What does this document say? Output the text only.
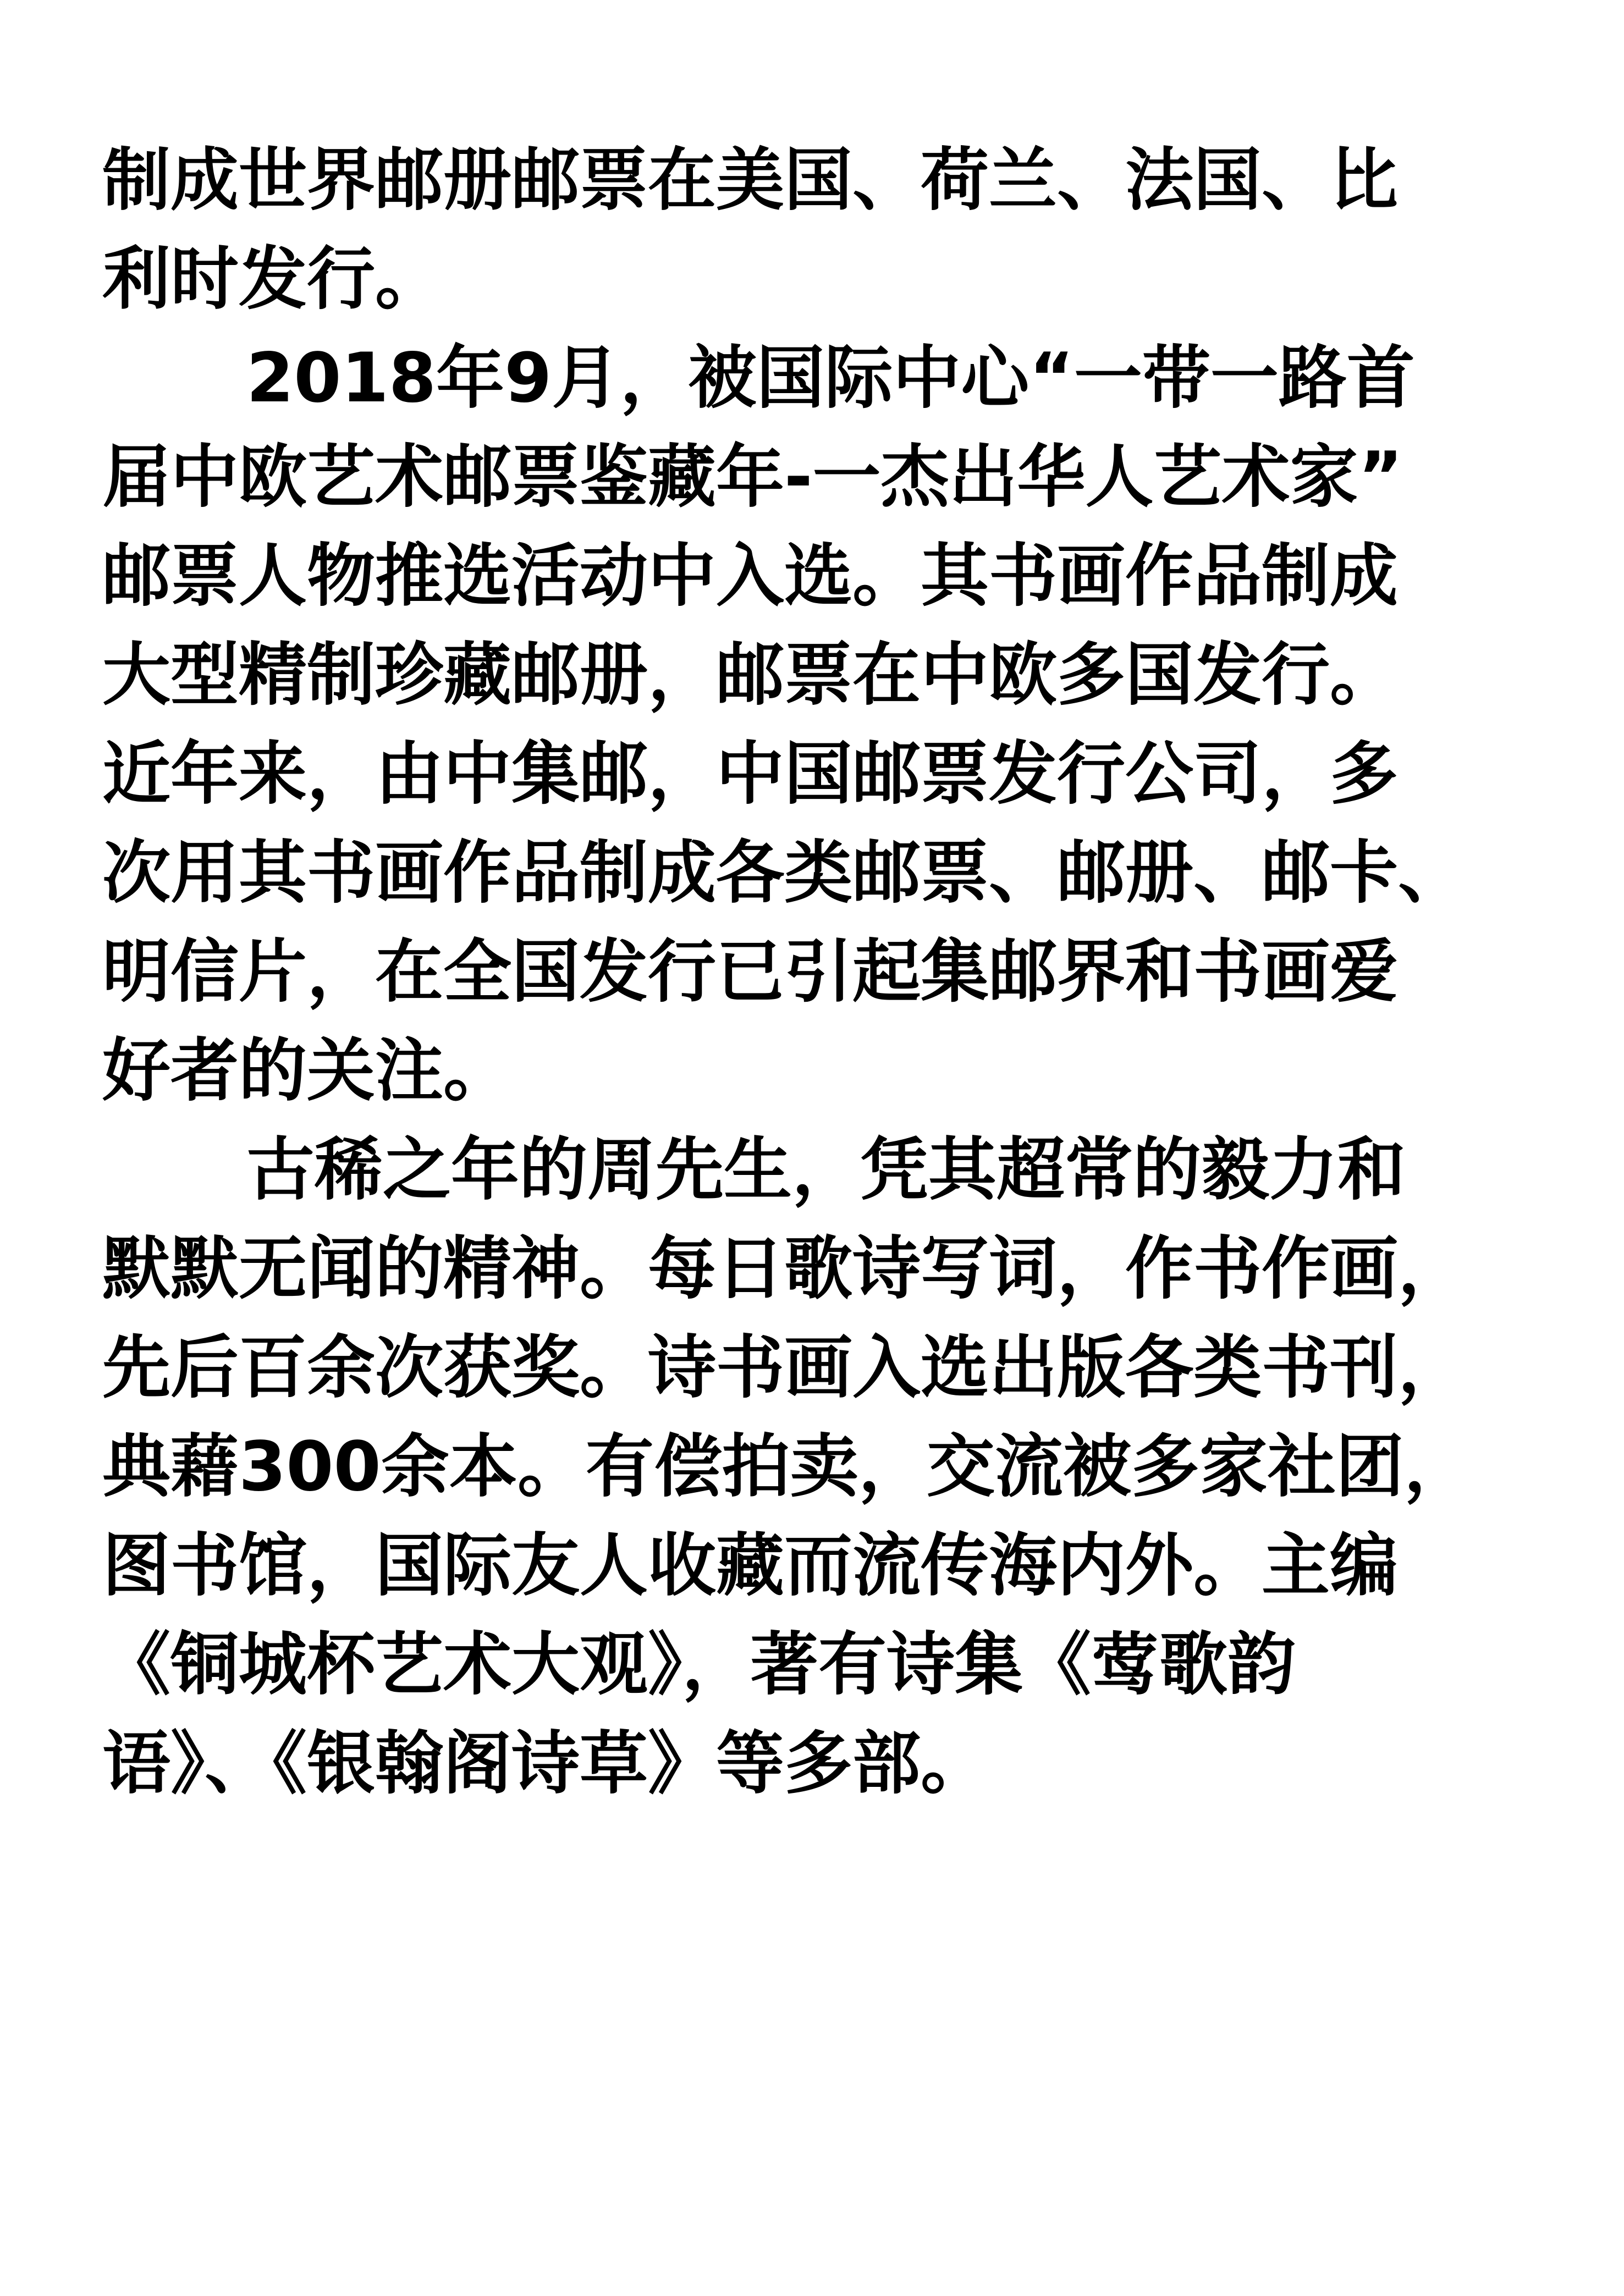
制成世界邮册邮票在美国、荷兰、法国、比
利时发行。
2018年9月，被国际中心“一带一路首
届中欧艺术邮票鉴藏年-一杰出华人艺术家”
邮票人物推选活动中入选。其书画作品制成
大型精制珍藏邮册，邮票在中欧多国发行。
近年来，由中集邮，中国邮票发行公司，多
次用其书画作品制成各类邮票、邮册、邮卡、
明信片，在全国发行已引起集邮界和书画爱
好者的关注。
古稀之年的周先生，凭其超常的毅力和
默默无闻的精神。每日歌诗写词，作书作画，
先后百余次获奖。诗书画入选出版各类书刊，
典藉300余本。有偿拍卖，交流被多家社团，
图书馆，国际友人收藏而流传海内外。主编
《铜城杯艺术大观》，著有诗集《莺歌韵
语》、《银翰阁诗草》等多部。
